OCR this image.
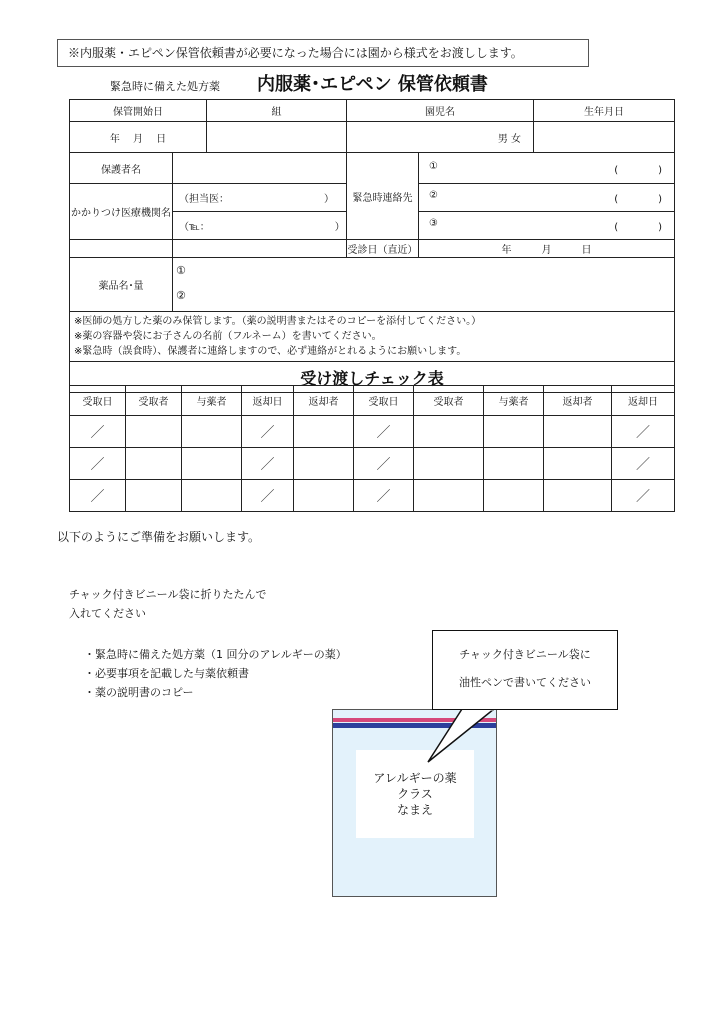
※内服薬・エピペン保管依頼書が必要になった場合には園から様式をお渡しします。
緊急時に備えた処方薬 内服薬･エピペン 保管依頼書
保管開始日		組	園児名		生年月日
年　 月　 日			男 女		
保護者名			緊急時連絡先	① (　　　　)	

かかりつけ医療機関名	（担当医：　　　　　　　　　　）			② (　　　　)	

	（℡：　　　　　　　　　　　　　）			③ (　　　　)	

			受診日（直近）	年　　　月　　　日	
薬品名･量	①
②				

※医師の処方した薬のみ保管します。（薬の説明書またはそのコピーを添付してください。）
※薬の容器や袋にお子さんの名前（フルネーム）を書いてください。
※緊急時（誤食時）、保護者に連絡しますので、必ず連絡がとれるようにお願いします。					

受け渡しチェック表					
受取日	受取者	与薬者	返却日	返却者	受取日	受取者	与薬者	返却者	返却日
／			／		／				／
／			／		／				／
／			／		／				／
以下のようにご準備をお願いします。
チャック付きビニール袋に折りたたんで
入れてください
・緊急時に備えた処方薬（1 回分のアレルギーの薬）
・必要事項を記載した与薬依頼書
・薬の説明書のコピー
アレルギーの薬
クラス
なまえ
チャック付きビニール袋に
油性ペンで書いてください
